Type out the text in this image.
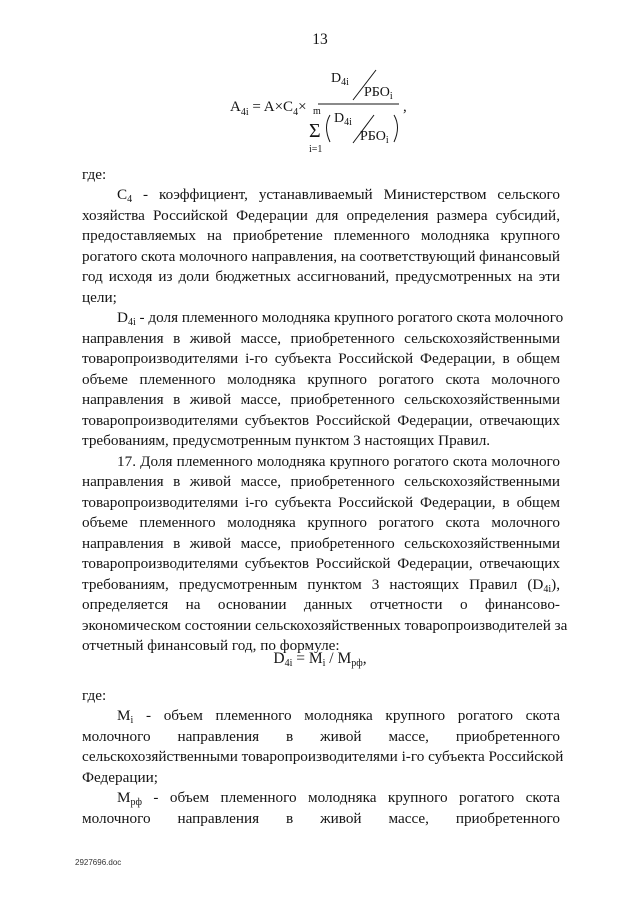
13
$A_{4i} = A\times C_4\times$
$D_{4i}$
$РБО_i$
m
Σ
i=1
$D_{4i}$
$РБО_i$
,
где:
$C_4$ - коэффициент, устанавливаемый Министерством сельского
хозяйства Российской Федерации для определения размера субсидий,
предоставляемых на приобретение племенного молодняка крупного
рогатого скота молочного направления, на соответствующий финансовый
год исходя из доли бюджетных ассигнований, предусмотренных на эти
цели;
$D_{4i}$ - доля племенного молодняка крупного рогатого скота молочного
направления в живой массе, приобретенного сельскохозяйственными
товаропроизводителями i-го субъекта Российской Федерации, в общем
объеме племенного молодняка крупного рогатого скота молочного
направления в живой массе, приобретенного сельскохозяйственными
товаропроизводителями субъектов Российской Федерации, отвечающих
требованиям, предусмотренным пунктом 3 настоящих Правил.
17. Доля племенного молодняка крупного рогатого скота молочного
направления в живой массе, приобретенного сельскохозяйственными
товаропроизводителями i-го субъекта Российской Федерации, в общем
объеме племенного молодняка крупного рогатого скота молочного
направления в живой массе, приобретенного сельскохозяйственными
товаропроизводителями субъектов Российской Федерации, отвечающих
требованиям, предусмотренным пунктом 3 настоящих Правил $(D_{4i})$,
определяется на основании данных отчетности о финансово-
экономическом состоянии сельскохозяйственных товаропроизводителей за
отчетный финансовый год, по формуле:
$D_{4i} = M_i / M_{рф}$,
где:
$M_i$ - объем племенного молодняка крупного рогатого скота
молочного направления в живой массе, приобретенного
сельскохозяйственными товаропроизводителями i-го субъекта Российской
Федерации;
$M_{рф}$ - объем племенного молодняка крупного рогатого скота
молочного направления в живой массе, приобретенного
2927696.doc
